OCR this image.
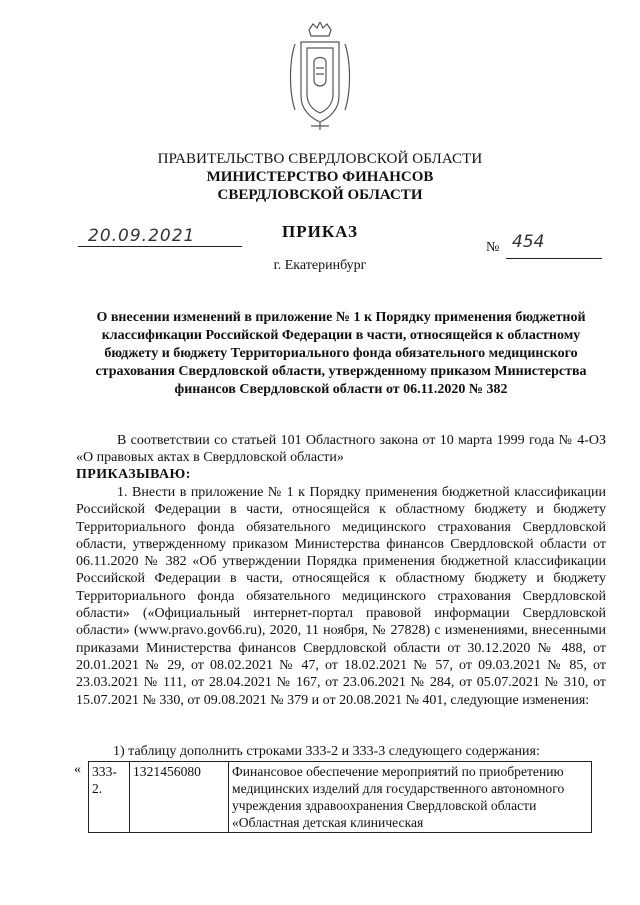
ПРАВИТЕЛЬСТВО СВЕРДЛОВСКОЙ ОБЛАСТИ
МИНИСТЕРСТВО ФИНАНСОВ
СВЕРДЛОВСКОЙ ОБЛАСТИ
ПРИКАЗ
20.09.2021
№ 454
г. Екатеринбург
О внесении изменений в приложение № 1 к Порядку применения бюджетной классификации Российской Федерации в части, относящейся к областному бюджету и бюджету Территориального фонда обязательного медицинского страхования Свердловской области, утвержденному приказом Министерства финансов Свердловской области от 06.11.2020 № 382
В соответствии со статьей 101 Областного закона от 10 марта 1999 года № 4-ОЗ «О правовых актах в Свердловской области»
ПРИКАЗЫВАЮ:
1. Внести в приложение № 1 к Порядку применения бюджетной классификации Российской Федерации в части, относящейся к областному бюджету и бюджету Территориального фонда обязательного медицинского страхования Свердловской области, утвержденному приказом Министерства финансов Свердловской области от 06.11.2020 № 382 «Об утверждении Порядка применения бюджетной классификации Российской Федерации в части, относящейся к областному бюджету и бюджету Территориального фонда обязательного медицинского страхования Свердловской области» («Официальный интернет-портал правовой информации Свердловской области» (www.pravo.gov66.ru), 2020, 11 ноября, № 27828) с изменениями, внесенными приказами Министерства финансов Свердловской области от 30.12.2020 № 488, от 20.01.2021 № 29, от 08.02.2021 № 47, от 18.02.2021 № 57, от 09.03.2021 № 85, от 23.03.2021 № 111, от 28.04.2021 № 167, от 23.06.2021 № 284, от 05.07.2021 № 310, от 15.07.2021 № 330, от 09.08.2021 № 379 и от 20.08.2021 № 401, следующие изменения:
1) таблицу дополнить строками 333-2 и 333-3 следующего содержания:
« 333-2.	1321456080	Финансовое обеспечение мероприятий по приобретению медицинских изделий для государственного автономного учреждения здравоохранения Свердловской области «Областная детская клиническая
